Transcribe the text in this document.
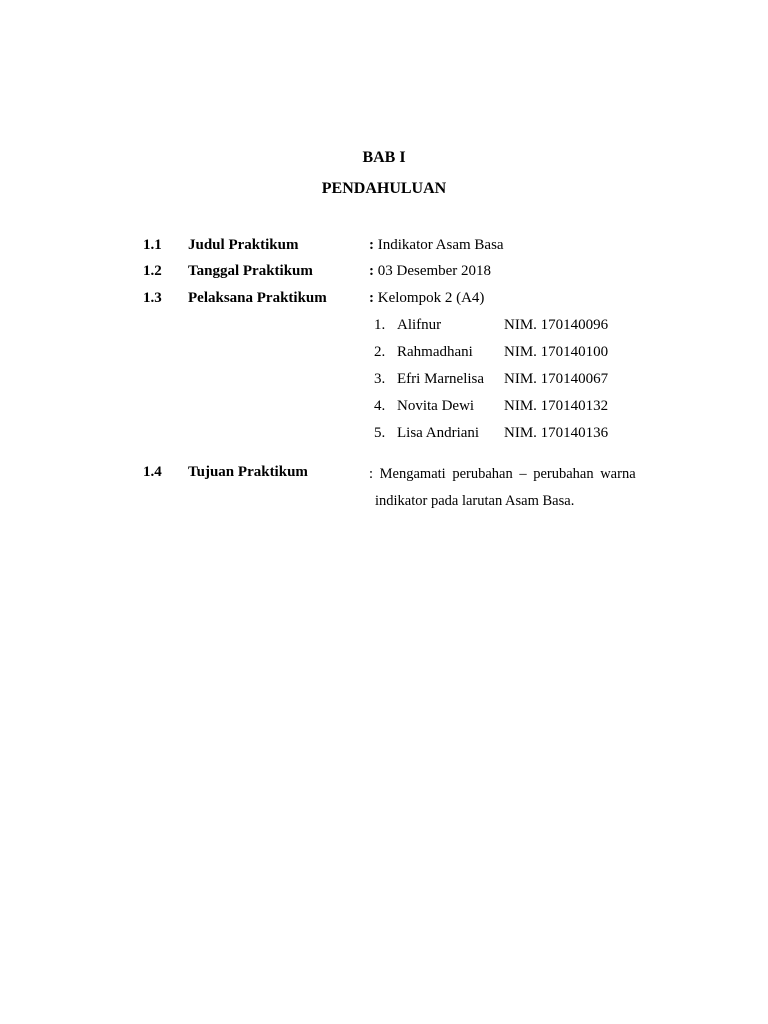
BAB I
PENDAHULUAN
1.1 Judul Praktikum	: Indikator Asam Basa
1.2 Tanggal Praktikum	: 03 Desember 2018
1.3 Pelaksana Praktikum	: Kelompok 2 (A4)
1. Alifnur	NIM. 170140096
2. Rahmadhani NIM. 170140100
3. Efri Marnelisa NIM. 170140067
4. Novita Dewi NIM. 170140132
5. Lisa Andriani NIM. 170140136
1.4 Tujuan Praktikum	: Mengamati perubahan – perubahan warna
indikator pada larutan Asam Basa.
